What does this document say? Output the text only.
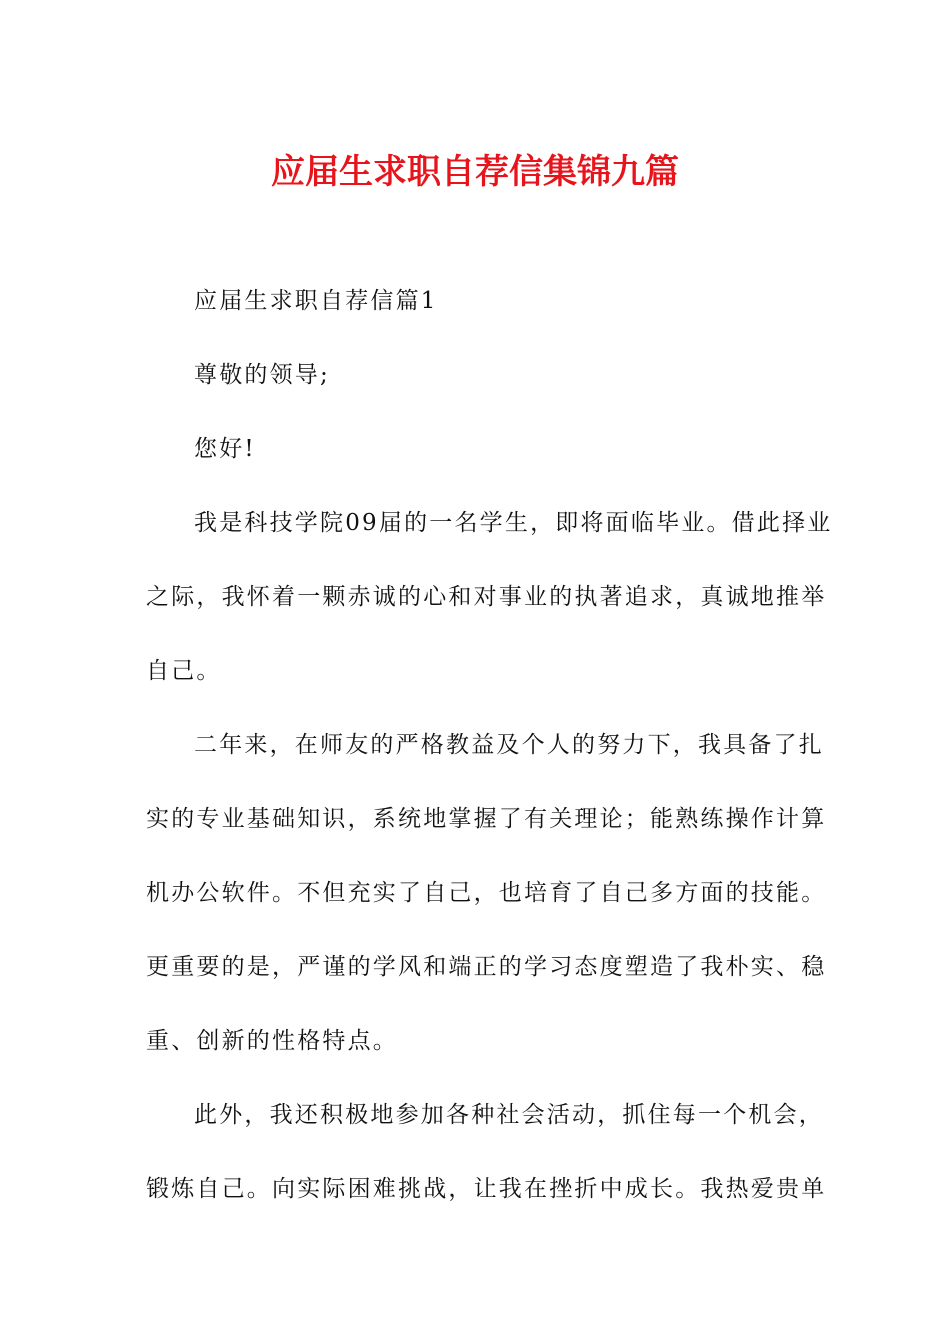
应届生求职自荐信集锦九篇
应届生求职自荐信篇1
尊敬的领导;
您好!
我是科技学院09届的一名学生，即将面临毕业。借此择业
之际，我怀着一颗赤诚的心和对事业的执著追求，真诚地推举
自己。
二年来，在师友的严格教益及个人的努力下，我具备了扎
实的专业基础知识，系统地掌握了有关理论；能熟练操作计算
机办公软件。不但充实了自己，也培育了自己多方面的技能。
更重要的是，严谨的学风和端正的学习态度塑造了我朴实、稳
重、创新的性格特点。
此外，我还积极地参加各种社会活动，抓住每一个机会，
锻炼自己。向实际困难挑战，让我在挫折中成长。我热爱贵单
